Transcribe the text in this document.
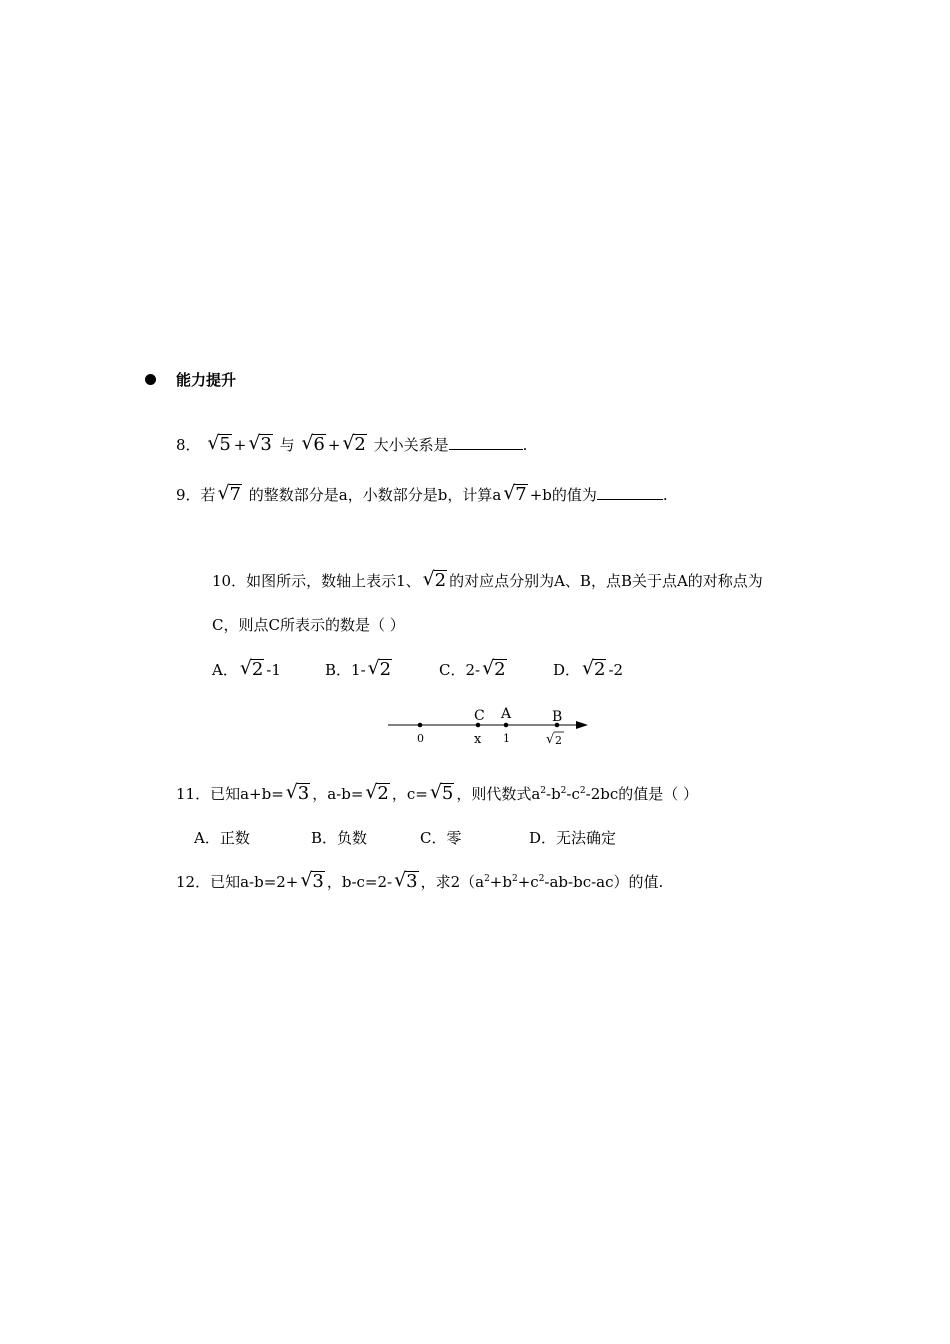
能力提升
8． √ 5 + √ 3 与 √ 6 + √ 2 大小关系是	.
9．若 √ 7 的整数部分是a，小数部分是b，计算a √ 7 +b的值为	.
10．如图所示，数轴上表示1、 √ 2 的对应点分别为A、B，点B关于点A的对称点为
C，则点C所表示的数是（ ）
A． √ 2 -1	B．1- √ 2	C．2- √ 2	D． √ 2 -2
C A	B
0	x 1	√ 2
11．已知a+b= √ 3 ，a-b= √ 2 ，c= √ 5 ，则代数式$a^2-b^2-c^2-2bc$的值是（ ）
A．正数	B．负数	C．零	D．无法确定
12．已知a-b=2+ √ 3 ，b-c=2- √ 3 ，求$2(a^2+b^2+c^2-ab-bc-ac)$的值.
